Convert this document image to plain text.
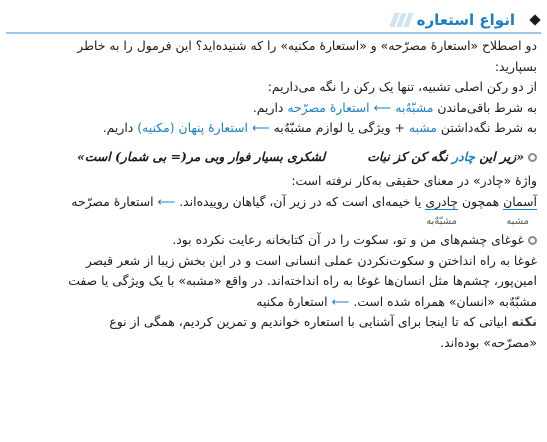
انواع استعاره
دو اصطلاح «استعارۀ مصرّحه» و «استعارۀ مکنیه» را که شنیده‌اید؟ این فرمول را به خاطر
بسپارید:
از دو رکن اصلی تشبیه، تنها یک رکن را نگه می‌داریم:
به شرط باقی‌ماندن مشبّهٌ‌به ⟵ استعارۀ مصرّحه داریم.
به شرط نگه‌داشتن مشبه + ویژگی یا لوازم مشبّهٌ‌به ⟵ استعارۀ پنهان (مکنیه) داریم.
«زیر این چادر نگه کن کز نبات  لشکری بسیار فوار وبی مر(= بی شمار) است»
واژۀ «چادر» در معنای حقیقی به‌کار نرفته است:
آسمان همچون چادری یا خیمه‌ای است که در زیر آن، گیاهان روییده‌اند. ⟵ استعارۀ مصرّحه
مشبه
مشبّهٌ‌به
غوغای چشم‌های من و تو، سکوت را در آن کتابخانه رعایت نکرده بود.
غوغا به راه انداختن و سکوت‌نکردن عملی انسانی است و در این بخش زیبا از شعر قیصر
امین‌پور، چشم‌ها مثل انسان‌ها غوغا به راه انداخته‌اند. در واقع «مشبه» با یک ویژگی یا صفت
مشبّهٌ‌به «انسان» همراه شده است. ⟵ استعارۀ مکنیه
نکتهابیاتی که تا اینجا برای آشنایی با استعاره خواندیم و تمرین کردیم، همگی از نوع
«مصرّحه» بوده‌اند.
